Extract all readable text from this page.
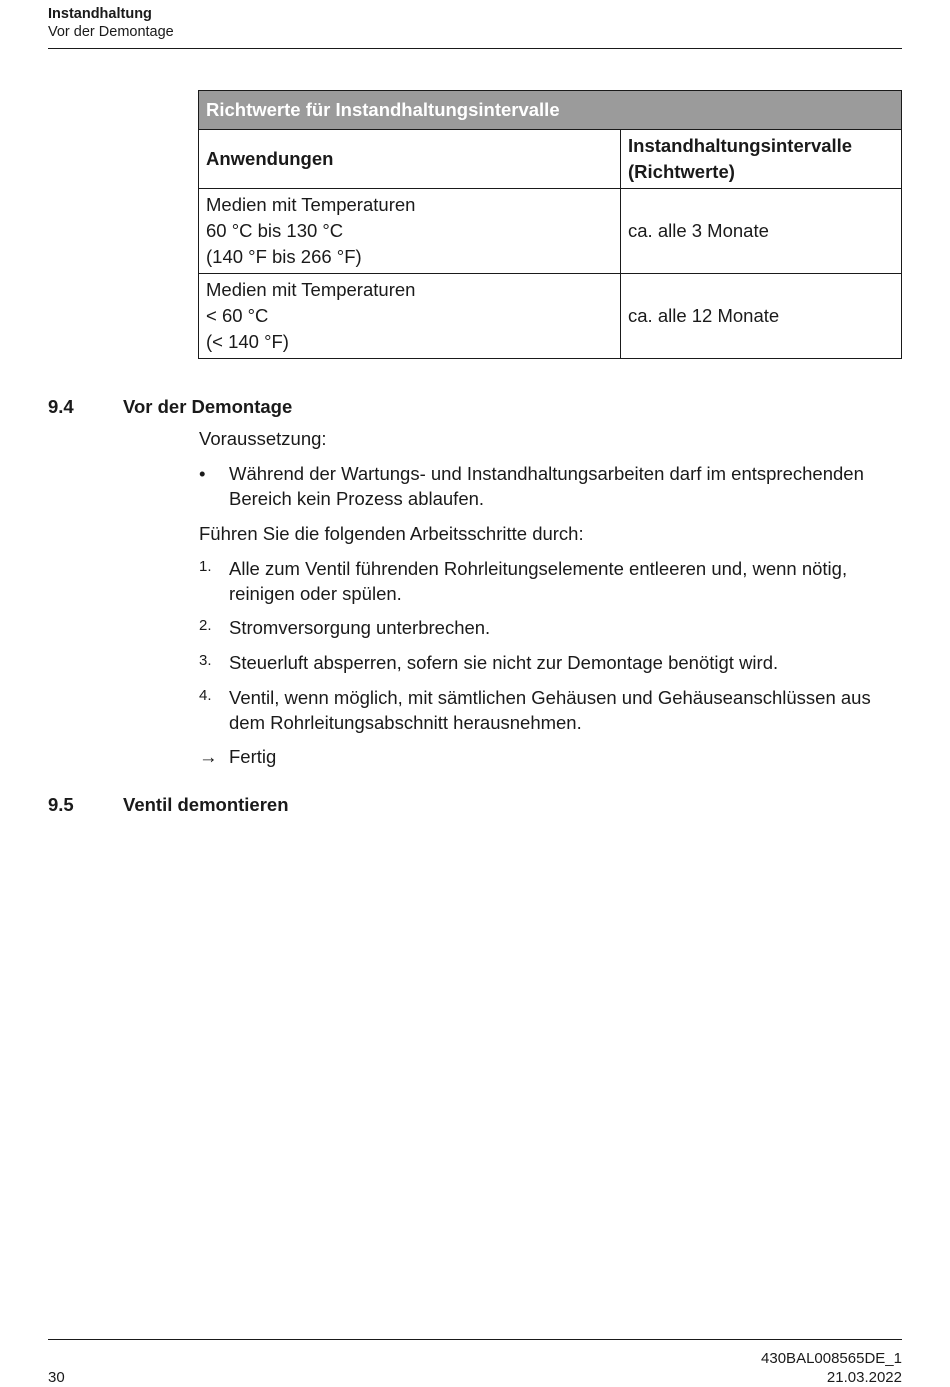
Instandhaltung
Vor der Demontage
Richtwerte für Instandhaltungsintervalle	
Anwendungen	Instandhaltungsintervalle
(Richtwerte)
Medien mit Temperaturen
60 °C bis 130 °C
(140 °F bis 266 °F)	ca. alle 3 Monate
Medien mit Temperaturen
< 60 °C
(< 140 °F)	ca. alle 12 Monate
9.4	Vor der Demontage
Voraussetzung:
• Während der Wartungs- und Instandhaltungsarbeiten darf im entsprechenden Bereich kein Prozess ablaufen.
Führen Sie die folgenden Arbeitsschritte durch:
1. Alle zum Ventil führenden Rohrleitungselemente entleeren und, wenn nötig, reinigen oder spülen.
2. Stromversorgung unterbrechen.
3. Steuerluft absperren, sofern sie nicht zur Demontage benötigt wird.
4. Ventil, wenn möglich, mit sämtlichen Gehäusen und Gehäuseanschlüssen aus dem Rohrleitungsabschnitt herausnehmen.
→ Fertig
9.5	Ventil demontieren
430BAL008565DE_1
21.03.2022
30
